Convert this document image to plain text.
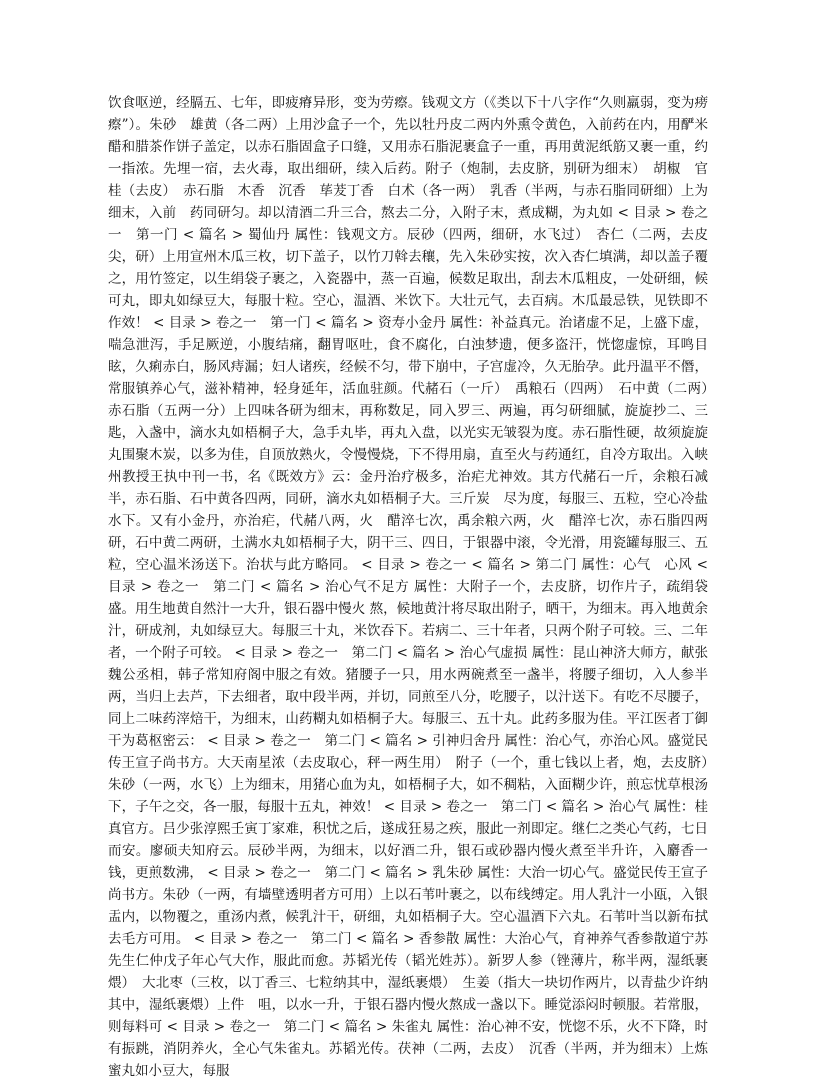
饮食呕逆，经膈五、七年，即疲瘠异形，变为劳瘵。钱观文方（《类以下十八字作“久则羸弱，变为痨瘵”）。朱砂　雄黄（各二两）上用沙盒子一个，先以牡丹皮二两内外熏令黄色，入前药在内，用酽米醋和腊茶作饼子盖定，以赤石脂固盒子口缝，又用赤石脂泥裹盒子一重，再用黄泥纸筋又裹一重，约一指浓。先埋一宿，去火毒，取出细研，续入后药。附子（炮制，去皮脐，别研为细末）　胡椒　官桂（去皮）　赤石脂　木香　沉香　荜茇丁香　白术（各一两）　乳香（半两，与赤石脂同研细）上为细末，入前　药同研匀。却以清酒二升三合，熬去二分，入附子末，煮成糊，为丸如 < 目录 > 卷之一　第一门 < 篇名 > 蜀仙丹 属性：钱观文方。辰砂（四两，细研，水飞过）　杏仁（二两，去皮尖，研）上用宣州木瓜三枚，切下盖子，以竹刀斡去穰，先入朱砂实按，次入杏仁填满，却以盖子覆之，用竹签定，以生绢袋子裹之，入瓷器中，蒸一百遍，候数足取出，刮去木瓜粗皮，一处研细，候可丸，即丸如绿豆大，每服十粒。空心，温酒、米饮下。大壮元气，去百病。木瓜最忌铁，见铁即不作效！ < 目录 > 卷之一　第一门 < 篇名 > 资寿小金丹 属性：补益真元。治诸虚不足，上盛下虚，喘急泄泻，手足厥逆，小腹结痛，翻胃呕吐，食不腐化，白浊梦遗，便多盗汗，恍惚虚惊，耳鸣目眩，久痢赤白，肠风痔漏；妇人诸疾，经候不匀，带下崩中，子宫虚冷，久无胎孕。此丹温平不僭，常服镇养心气，滋补精神，轻身延年，活血驻颜。代赭石（一斤）　禹粮石（四两）　石中黄（二两）　赤石脂（五两一分）上四味各研为细末，再称数足，同入罗三、两遍，再匀研细腻，旋旋抄二、三匙，入盏中，滴水丸如梧桐子大，急手丸毕，再丸入盘，以光实无皱裂为度。赤石脂性硬，故须旋旋丸围聚木炭，以多为佳，自顶放熟火，令慢慢烧，下不得用扇，直至火与药通红，自冷方取出。入峡州教授王执中刊一书，名《既效方》云：金丹治疗极多，治疟尤神效。其方代赭石一斤，余粮石减半，赤石脂、石中黄各四两，同研，滴水丸如梧桐子大。三斤炭　尽为度，每服三、五粒，空心冷盐水下。又有小金丹，亦治疟，代赭八两，火　醋淬七次，禹余粮六两，火　醋淬七次，赤石脂四两研，石中黄二两研，土满水丸如梧桐子大，阴干三、四日，于银器中滚，令光滑，用瓷罐每服三、五粒，空心温米汤送下。治状与此方略同。 < 目录 > 卷之一 < 篇名 > 第二门 属性：心气　心风 < 目录 > 卷之一　第二门 < 篇名 > 治心气不足方 属性：大附子一个，去皮脐，切作片子，疏绢袋盛。用生地黄自然汁一大升，银石器中慢火 熬，候地黄汁将尽取出附子，晒干，为细末。再入地黄余汁，研成剂，丸如绿豆大。每服三十丸，米饮吞下。若病二、三十年者，只两个附子可较。三、二年者，一个附子可较。 < 目录 > 卷之一　第二门 < 篇名 > 治心气虚损 属性：昆山神济大师方，献张魏公丞相，韩子常知府阁中服之有效。猪腰子一只，用水两碗煮至一盏半，将腰子细切，入人参半两，当归上去芦，下去细者，取中段半两，并切，同煎至八分，吃腰子，以汁送下。有吃不尽腰子，同上二味药滓焙干，为细末，山药糊丸如梧桐子大。每服三、五十丸。此药多服为佳。平江医者丁御干为葛枢密云： < 目录 > 卷之一　第二门 < 篇名 > 引神归舍丹 属性：治心气，亦治心风。盛觉民传王宣子尚书方。大天南星浓（去皮取心，秤一两生用）　附子（一个，重七钱以上者，炮，去皮脐）　朱砂（一两，水飞）上为细末，用猪心血为丸，如梧桐子大，如不稠粘，入面糊少许，煎忘忧草根汤下，子午之交，各一服，每服十五丸，神效！ < 目录 > 卷之一　第二门 < 篇名 > 治心气 属性：桂真官方。吕少张淳熙壬寅丁家难，积忧之后，遂成狂易之疾，服此一剂即定。继仁之类心气药，七日而安。廖硕夫知府云。辰砂半两，为细末，以好酒二升，银石或砂器内慢火煮至半升许，入麝香一钱，更煎数沸， < 目录 > 卷之一　第二门 < 篇名 > 乳朱砂 属性：大治一切心气。盛觉民传王宣子尚书方。朱砂（一两，有墙壁透明者方可用）上以石苇叶裹之，以布线缚定。用人乳汁一小瓯，入银盂内，以物覆之，重汤内煮，候乳汁干，研细，丸如梧桐子大。空心温酒下六丸。石苇叶当以新布拭去毛方可用。 < 目录 > 卷之一　第二门 < 篇名 > 香参散 属性：大治心气，育神养气香参散道宁苏先生仁仲戊子年心气大作，服此而愈。苏韬光传（韬光姓苏）。新罗人参（锉薄片，称半两，湿纸裹煨）　大北枣（三枚，以丁香三、七粒纳其中，湿纸裹煨）　生姜（指大一块切作两片，以青盐少许纳其中，湿纸裹煨）上件　咀，以水一升，于银石器内慢火熬成一盏以下。睡觉添闷时顿服。若常服，则每料可 < 目录 > 卷之一　第二门 < 篇名 > 朱雀丸 属性：治心神不安，恍惚不乐，火不下降，时有振跳，消阴养火，全心气朱雀丸。苏韬光传。茯神（二两，去皮）　沉香（半两，并为细末）上炼蜜丸如小豆大，每服
